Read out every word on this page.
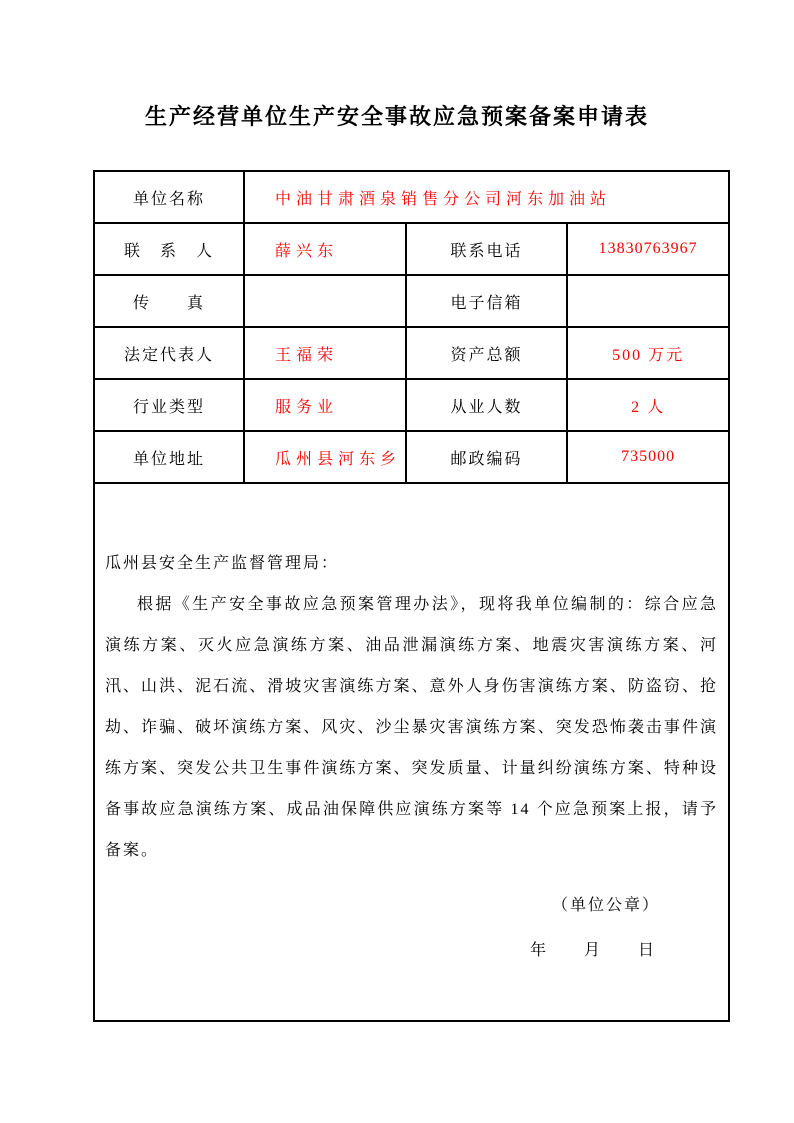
生产经营单位生产安全事故应急预案备案申请表
单位名称	中油甘肃酒泉销售分公司河东加油站		
联　系　人	薛兴东	联系电话	13830763967
传　　真		电子信箱	
法定代表人	王福荣	资产总额	500 万元
行业类型	服务业	从业人数	2 人
单位地址	瓜州县河东乡	邮政编码	735000

瓜州县安全生产监督管理局：

根据《生产安全事故应急预案管理办法》，现将我单位编制的：综合应急演练方案、灭火应急演练方案、油品泄漏演练方案、地震灾害演练方案、河汛、山洪、泥石流、滑坡灾害演练方案、意外人身伤害演练方案、防盗窃、抢劫、诈骗、破坏演练方案、风灾、沙尘暴灾害演练方案、突发恐怖袭击事件演练方案、突发公共卫生事件演练方案、突发质量、计量纠纷演练方案、特种设备事故应急演练方案、成品油保障供应演练方案等 14 个应急预案上报，请予备案。

（单位公章）

年　　月　　日			
